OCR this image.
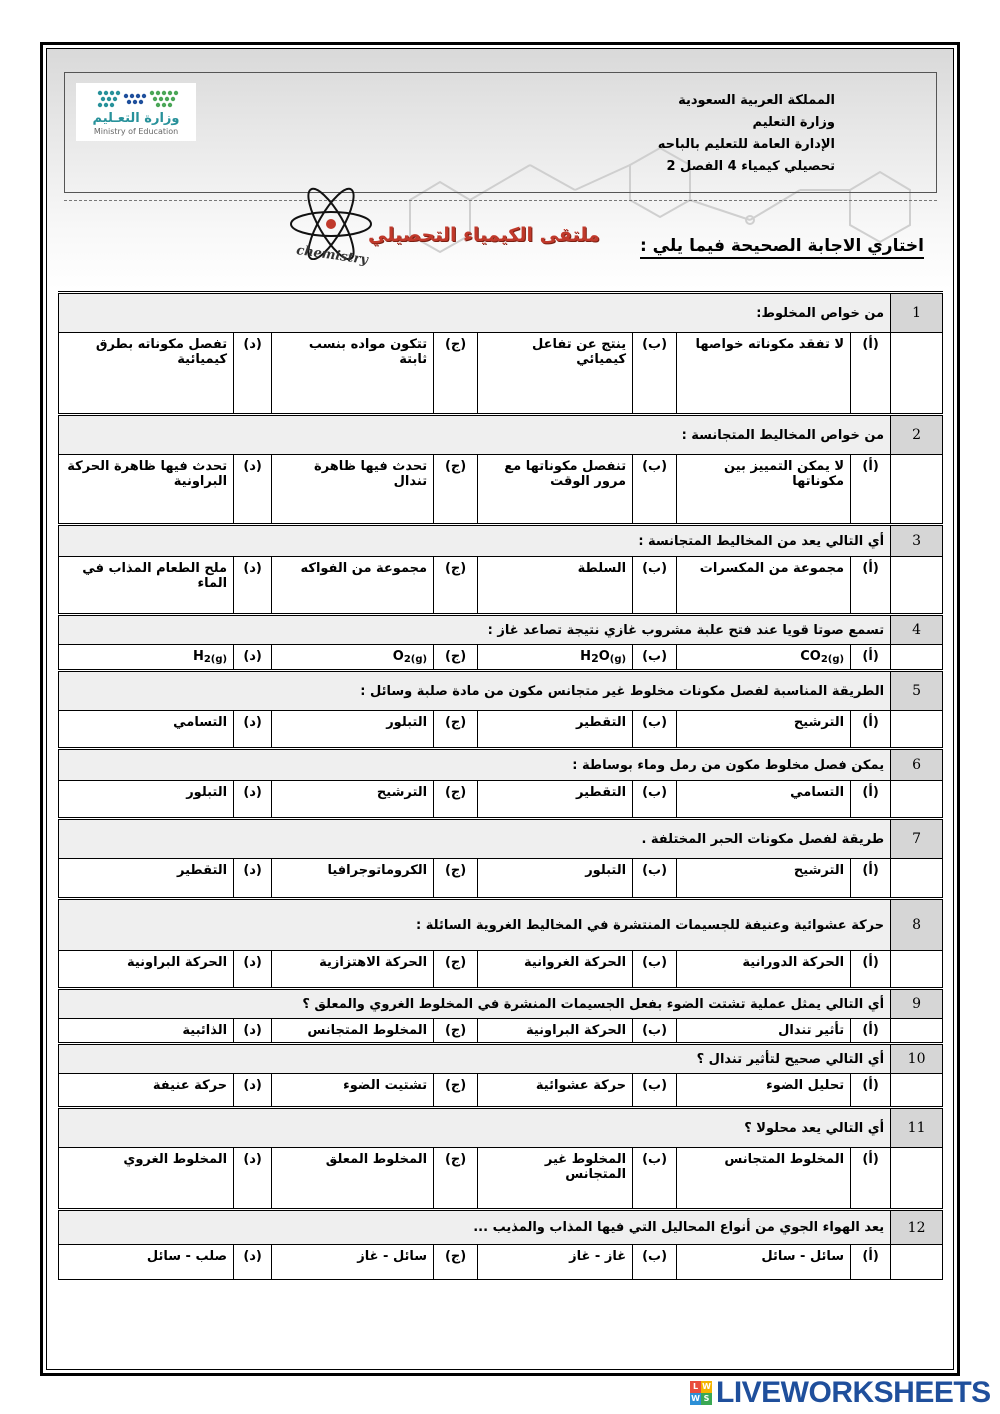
المملكة العربية السعودية
وزارة التعليم
الإدارة العامة للتعليم بالباحه
تحصيلي كيمياء 4 الفصل 2
وزارة التعـليم
Ministry of Education
ملتقى الكيمياء التحصيلي
chemistry	اختاري الاجابة الصحيحة فيما يلي :
1	من خواص المخلوط:							
	(أ)	لا تفقد مكوناته خواصها	(ب)	ينتج عن تفاعل كيميائي	(ج)	تتكون مواده بنسب ثابتة	(د)	تفصل مكوناته بطرق كيميائية
2	من خواص المخاليط المتجانسة :							
	(أ)	لا يمكن التمييز بين مكوناتها	(ب)	تنفصل مكوناتها مع مرور الوقت	(ج)	تحدث فيها ظاهرة تندال	(د)	تحدث فيها ظاهرة الحركة البراونية
3	أي التالي يعد من المخاليط المتجانسة :							
	(أ)	مجموعة من المكسرات	(ب)	السلطة	(ج)	مجموعة من الفواكه	(د)	ملح الطعام المذاب في الماء
4	تسمع صوتا قويا عند فتح علبة مشروب غازي نتيجة تصاعد غاز :							
	(أ)	$CO_{2(g)}$	(ب)	$H2O_{(g)}$	(ج)	$O_{2(g)}$	(د)	$H_{2(g)}$
5	الطريقة المناسبة لفصل مكونات مخلوط غير متجانس مكون من مادة صلبة وسائل :							
	(أ)	الترشيح	(ب)	التقطير	(ج)	التبلور	(د)	التسامي
6	يمكن فصل مخلوط مكون من رمل وماء بوساطة :							
	(أ)	التسامي	(ب)	التقطير	(ج)	الترشيح	(د)	التبلور
7	طريقة لفصل مكونات الحبر المختلفة .							
	(أ)	الترشيح	(ب)	التبلور	(ج)	الكروماتوجرافيا	(د)	التقطير
8	حركة عشوائية وعنيفة للجسيمات المنتشرة في المخاليط الغروية السائلة :							
	(أ)	الحركة الدورانية	(ب)	الحركة الغروانية	(ج)	الحركة الاهتزازية	(د)	الحركة البراونية
9	أي التالي يمثل عملية تشتت الضوء بفعل الجسيمات المنشرة في المخلوط الغروي والمعلق ؟							
	(أ)	تأثير تندال	(ب)	الحركة البراونية	(ج)	المخلوط المتجانس	(د)	الذائبية
10	أي التالي صحيح لتأثير تندال ؟							
	(أ)	تحليل الضوء	(ب)	حركة عشوائية	(ج)	تشتيت الضوء	(د)	حركة عنيفة
11	أي التالي يعد محلولا ؟							
	(أ)	المخلوط المتجانس	(ب)	المخلوط غير المتجانس	(ج)	المخلوط المعلق	(د)	المخلوط الغروي
12	يعد الهواء الجوي من أنواع المحاليل التي فيها المذاب والمذيب ...							
	(أ)	سائل - سائل	(ب)	غاز - غاز	(ج)	سائل - غاز	(د)	صلب - سائل
L W
W S LIVEWORKSHEETS
